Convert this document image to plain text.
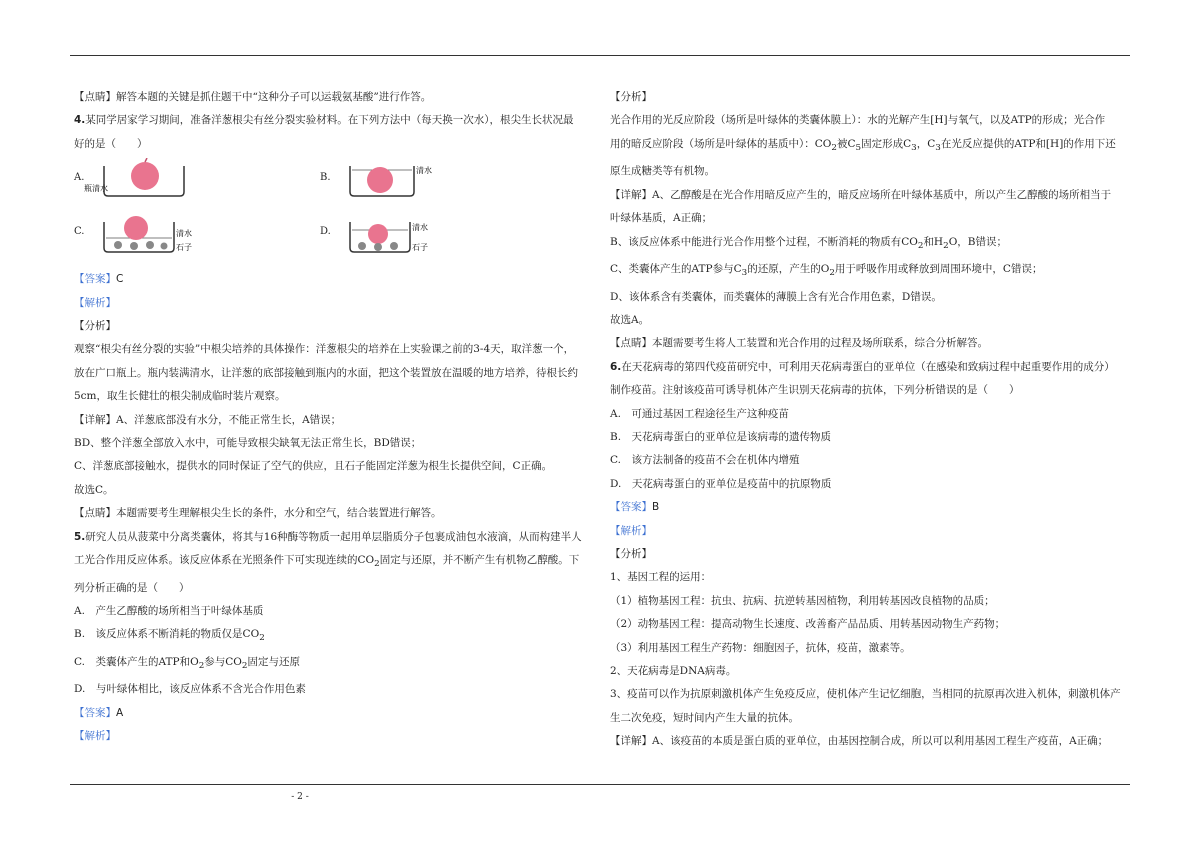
【点睛】解答本题的关键是抓住题干中“这种分子可以运载氨基酸”进行作答。

4.某同学居家学习期间，准备洋葱根尖有丝分裂实验材料。在下列方法中（每天换一次水），根尖生长状况最

好的是（　　）

A.
瓶清水
B.
清水
C.	清水
石子
D.	清水
石子

【答案】C

【解析】

【分析】

观察“根尖有丝分裂的实验”中根尖培养的具体操作：洋葱根尖的培养在上实验课之前的3-4天，取洋葱一个，

放在广口瓶上。瓶内装满清水，让洋葱的底部接触到瓶内的水面，把这个装置放在温暖的地方培养，待根长约

5cm，取生长健壮的根尖制成临时装片观察。

【详解】A、洋葱底部没有水分，不能正常生长，A错误；

BD、整个洋葱全部放入水中，可能导致根尖缺氧无法正常生长，BD错误；

C、洋葱底部接触水，提供水的同时保证了空气的供应，且石子能固定洋葱为根生长提供空间，C正确。

故选C。

【点睛】本题需要考生理解根尖生长的条件，水分和空气，结合装置进行解答。

5.研究人员从菠菜中分离类囊体，将其与16种酶等物质一起用单层脂质分子包裹成油包水液滴，从而构建半人

工光合作用反应体系。该反应体系在光照条件下可实现连续的$CO_2$固定与还原，并不断产生有机物乙醇酸。下

列分析正确的是（　　）

A.　产生乙醇酸的场所相当于叶绿体基质

B.　该反应体系不断消耗的物质仅是$CO_2$

C.　类囊体产生的ATP和$O_2$参与$CO_2$固定与还原

D.　与叶绿体相比，该反应体系不含光合作用色素

【答案】A

【解析】

【分析】

光合作用的光反应阶段（场所是叶绿体的类囊体膜上）：水的光解产生[H]与氧气，以及ATP的形成；光合作

用的暗反应阶段（场所是叶绿体的基质中）：$CO_2$被$C_5$固定形成$C_3$，$C_3$在光反应提供的ATP和[H]的作用下还

原生成糖类等有机物。

【详解】A、乙醇酸是在光合作用暗反应产生的，暗反应场所在叶绿体基质中，所以产生乙醇酸的场所相当于

叶绿体基质，A正确；

B、该反应体系中能进行光合作用整个过程，不断消耗的物质有$CO_2$和$H_2O$，B错误；

C、类囊体产生的ATP参与$C_3$的还原，产生的$O_2$用于呼吸作用或释放到周围环境中，C错误；

D、该体系含有类囊体，而类囊体的薄膜上含有光合作用色素，D错误。

故选A。

【点睛】本题需要考生将人工装置和光合作用的过程及场所联系，综合分析解答。

6.在天花病毒的第四代疫苗研究中，可利用天花病毒蛋白的亚单位（在感染和致病过程中起重要作用的成分）

制作疫苗。注射该疫苗可诱导机体产生识别天花病毒的抗体，下列分析错误的是（　　）

A.　可通过基因工程途径生产这种疫苗

B.　天花病毒蛋白的亚单位是该病毒的遗传物质

C.　该方法制备的疫苗不会在机体内增殖

D.　天花病毒蛋白的亚单位是疫苗中的抗原物质

【答案】B

【解析】

【分析】

1、基因工程的运用：

（1）植物基因工程：抗虫、抗病、抗逆转基因植物，利用转基因改良植物的品质；

（2）动物基因工程：提高动物生长速度、改善畜产品品质、用转基因动物生产药物；

（3）利用基因工程生产药物：细胞因子，抗体，疫苗，激素等。

2、天花病毒是DNA病毒。

3、疫苗可以作为抗原刺激机体产生免疫反应，使机体产生记忆细胞，当相同的抗原再次进入机体，刺激机体产

生二次免疫，短时间内产生大量的抗体。

【详解】A、该疫苗的本质是蛋白质的亚单位，由基因控制合成，所以可以利用基因工程生产疫苗，A正确；

- 2 -
